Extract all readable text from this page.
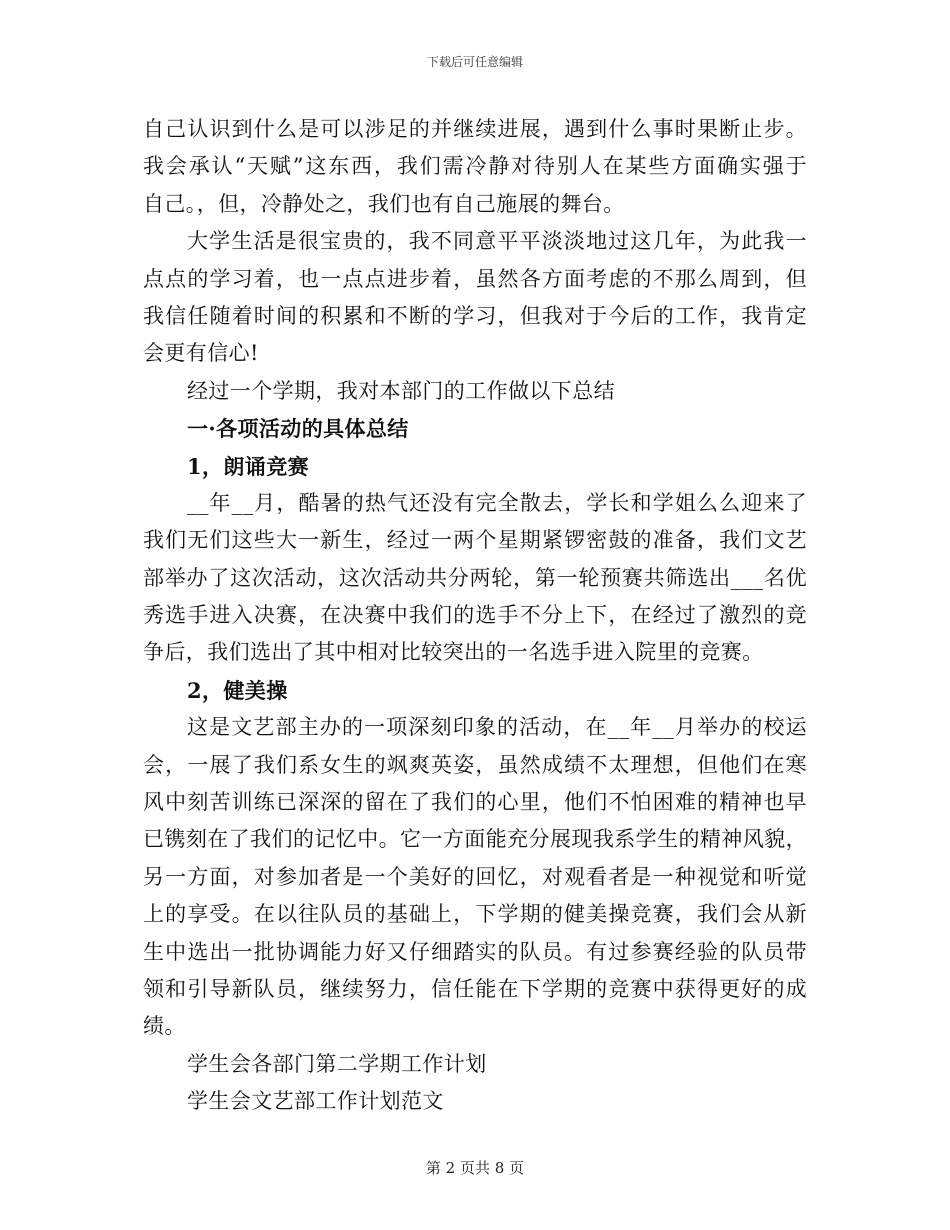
下载后可任意编辑
自己认识到什么是可以涉足的并继续进展，遇到什么事时果断止步。
我会承认“天赋”这东西，我们需冷静对待别人在某些方面确实强于
自己。，但，冷静处之，我们也有自己施展的舞台。
大学生活是很宝贵的，我不同意平平淡淡地过这几年，为此我一
点点的学习着，也一点点进步着，虽然各方面考虑的不那么周到，但
我信任随着时间的积累和不断的学习，但我对于今后的工作，我肯定
会更有信心!
经过一个学期，我对本部门的工作做以下总结
一·各项活动的具体总结
1，朗诵竞赛
__年__月，酷暑的热气还没有完全散去，学长和学姐么么迎来了
我们无们这些大一新生，经过一两个星期紧锣密鼓的准备，我们文艺
部举办了这次活动，这次活动共分两轮，第一轮预赛共筛选出___名优
秀选手进入决赛，在决赛中我们的选手不分上下，在经过了激烈的竞
争后，我们选出了其中相对比较突出的一名选手进入院里的竞赛。
2，健美操
这是文艺部主办的一项深刻印象的活动，在__年__月举办的校运
会，一展了我们系女生的飒爽英姿，虽然成绩不太理想，但他们在寒
风中刻苦训练已深深的留在了我们的心里，他们不怕困难的精神也早
已镌刻在了我们的记忆中。它一方面能充分展现我系学生的精神风貌，
另一方面，对参加者是一个美好的回忆，对观看者是一种视觉和听觉
上的享受。在以往队员的基础上，下学期的健美操竞赛，我们会从新
生中选出一批协调能力好又仔细踏实的队员。有过参赛经验的队员带
领和引导新队员，继续努力，信任能在下学期的竞赛中获得更好的成
绩。
学生会各部门第二学期工作计划
学生会文艺部工作计划范文
第 2 页共 8 页
